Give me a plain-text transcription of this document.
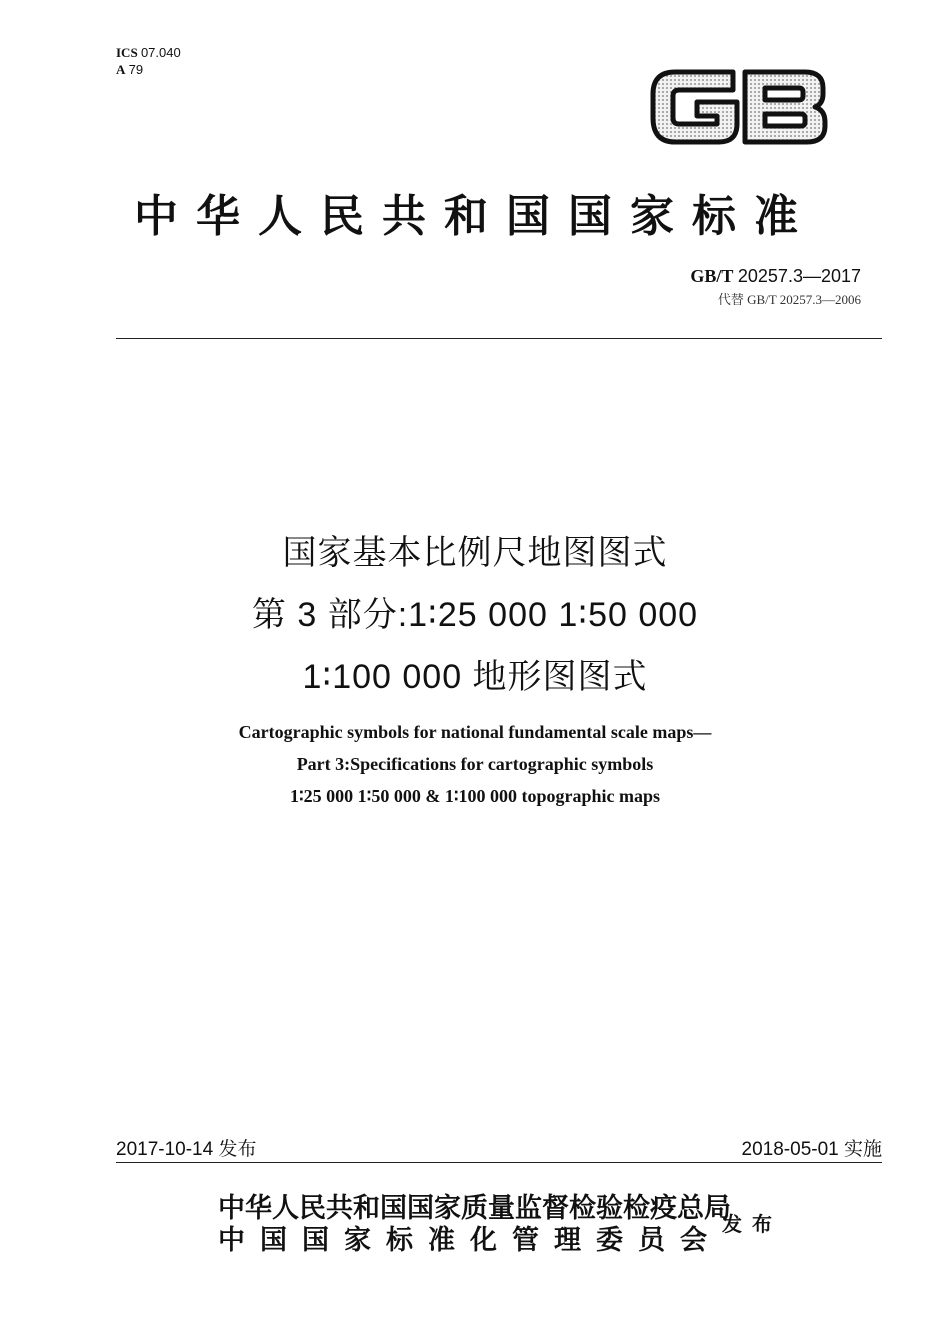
ICS 07.040
A 79
中华人民共和国国家标准
GB/T 20257.3—2017
代替 GB/T 20257.3—2006
国家基本比例尺地图图式
第 3 部分:1∶25 000 1∶50 000
1∶100 000 地形图图式
Cartographic symbols for national fundamental scale maps—
Part 3:Specifications for cartographic symbols
1∶25 000 1∶50 000 & 1∶100 000 topographic maps
2017-10-14 发布	2018-05-01 实施
中华人民共和国国家质量监督检验检疫总局
中国国家标准化管理委员会 发布
